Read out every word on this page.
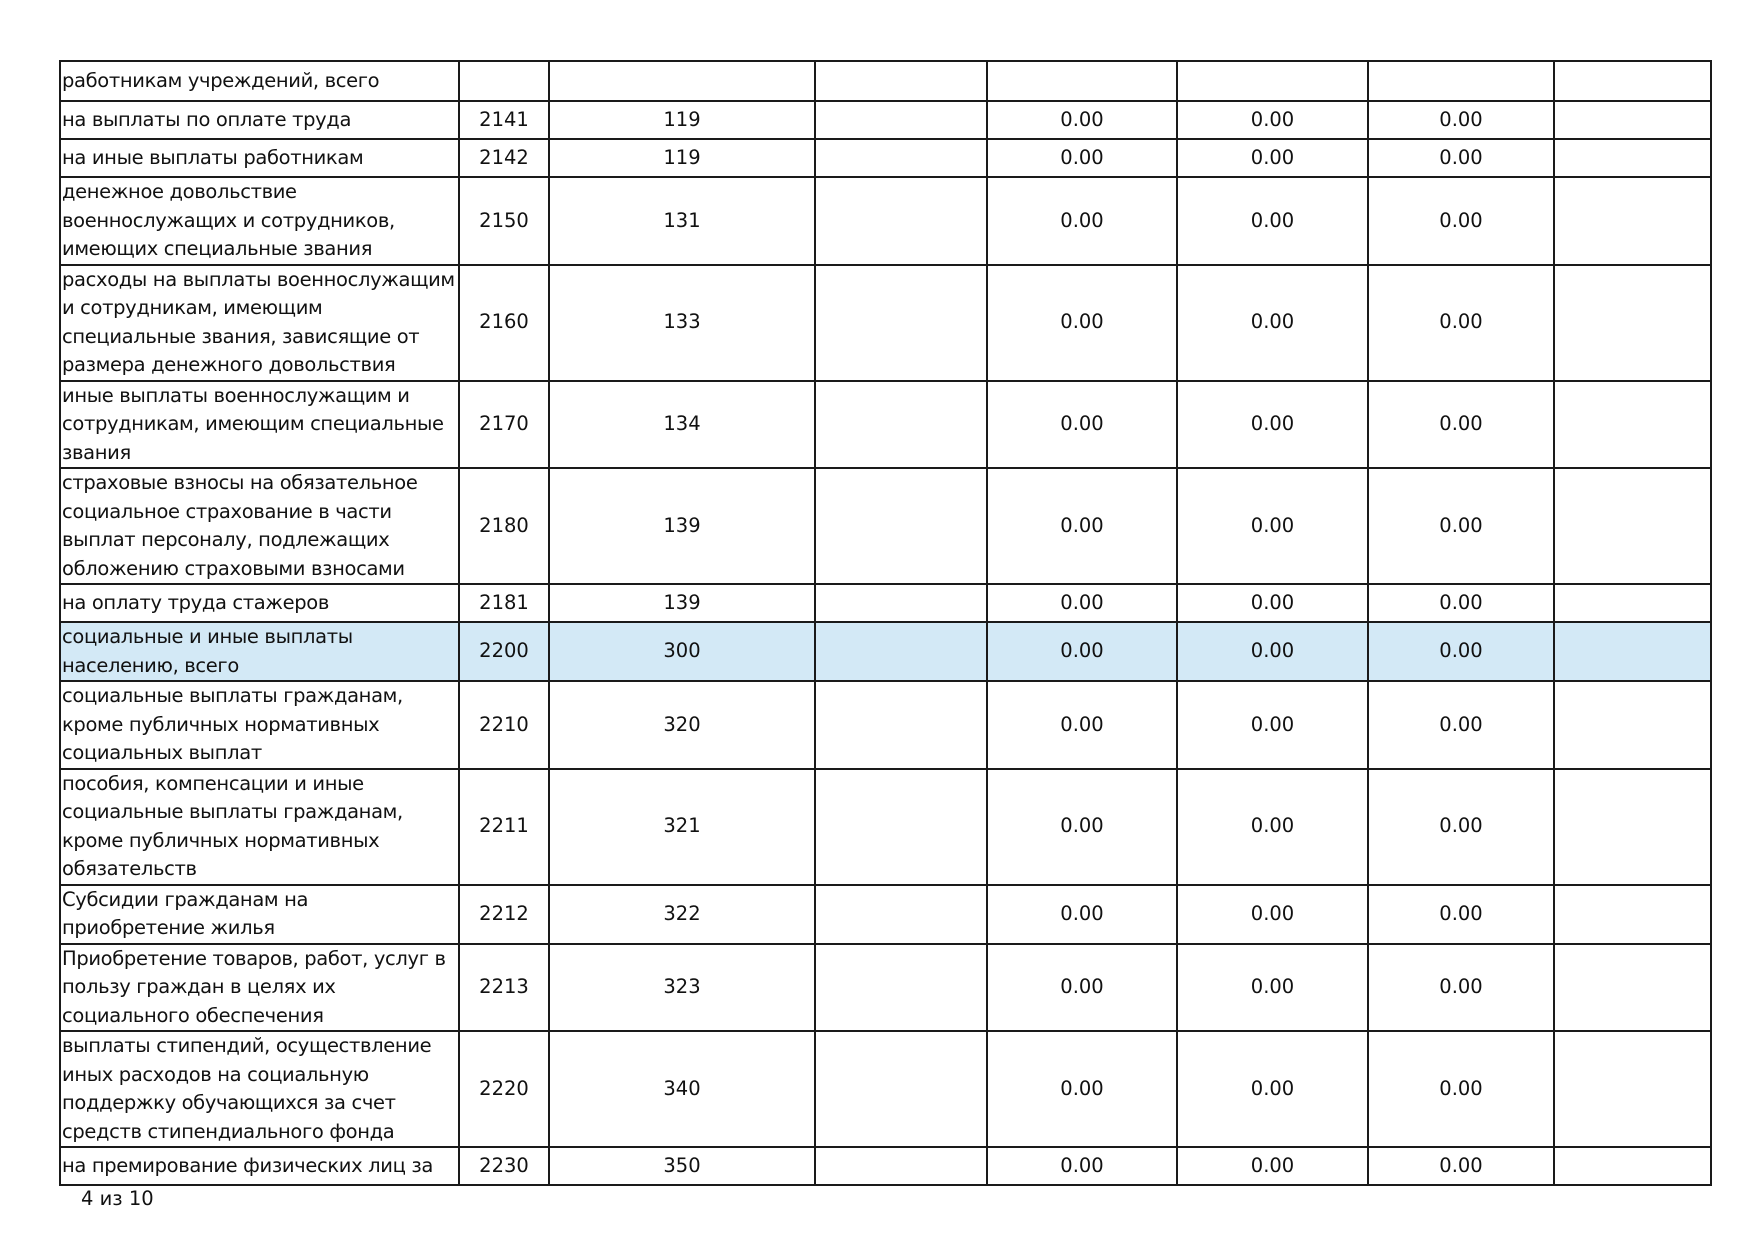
работникам учреждений, всего							
на выплаты по оплате труда	2141	119		0.00	0.00	0.00	
на иные выплаты работникам	2142	119		0.00	0.00	0.00	
денежное довольствие военнослужащих и сотрудников, имеющих специальные звания	2150	131		0.00	0.00	0.00	
расходы на выплаты военнослужащим и сотрудникам, имеющим специальные звания, зависящие от размера денежного довольствия	2160	133		0.00	0.00	0.00	
иные выплаты военнослужащим и сотрудникам, имеющим специальные звания	2170	134		0.00	0.00	0.00	
страховые взносы на обязательное социальное страхование в части выплат персоналу, подлежащих обложению страховыми взносами	2180	139		0.00	0.00	0.00	
на оплату труда стажеров	2181	139		0.00	0.00	0.00	
социальные и иные выплаты населению, всего	2200	300		0.00	0.00	0.00	
социальные выплаты гражданам, кроме публичных нормативных социальных выплат	2210	320		0.00	0.00	0.00	
пособия, компенсации и иные социальные выплаты гражданам, кроме публичных нормативных обязательств	2211	321		0.00	0.00	0.00	
Субсидии гражданам на приобретение жилья	2212	322		0.00	0.00	0.00	
Приобретение товаров, работ, услуг в пользу граждан в целях их социального обеспечения	2213	323		0.00	0.00	0.00	
выплаты стипендий, осуществление иных расходов на социальную поддержку обучающихся за счет средств стипендиального фонда	2220	340		0.00	0.00	0.00	
на премирование физических лиц за	2230	350		0.00	0.00	0.00	
4 из 10
